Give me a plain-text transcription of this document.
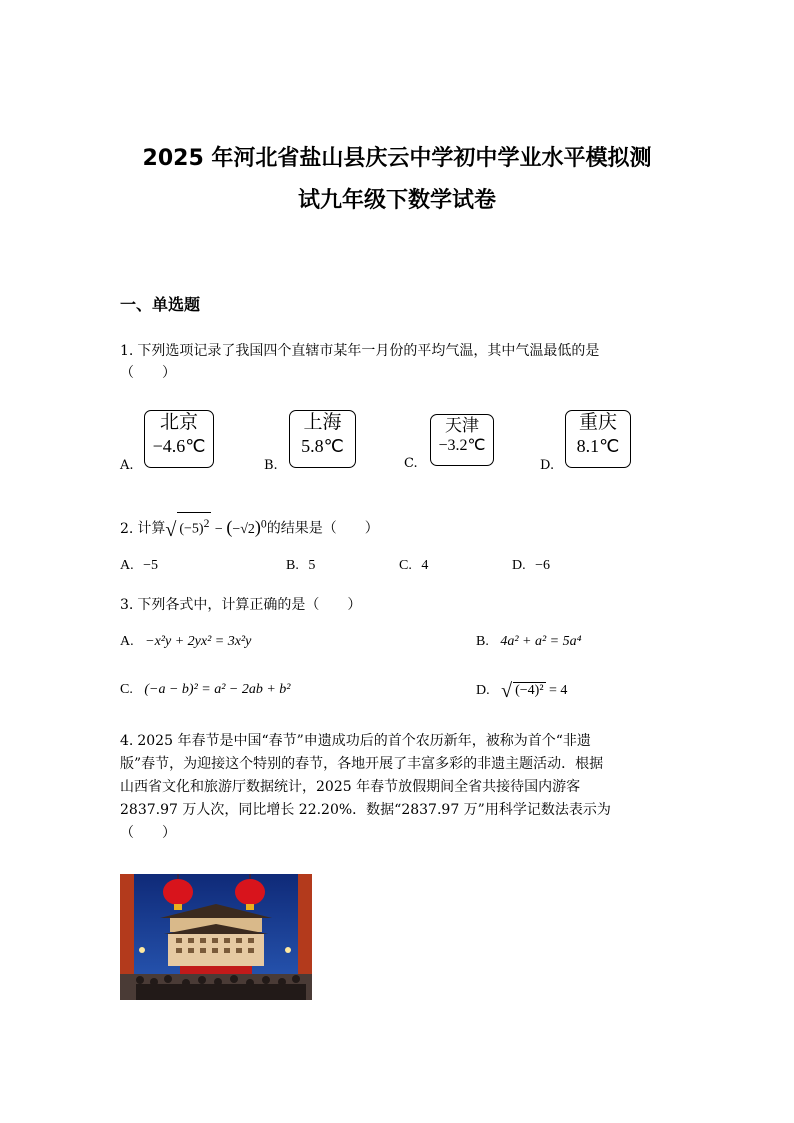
2025 年河北省盐山县庆云中学初中学业水平模拟测
试九年级下数学试卷
一、单选题
1. 下列选项记录了我国四个直辖市某年一月份的平均气温，其中气温最低的是
（　　）
A.
北京
−4.6℃
B.
上海
5.8℃
C.
天津
−3.2℃
D.
重庆
8.1℃
2. 计算√ $(-5)^2 - (-√2)^0$的结果是（　　）
A. −5	B. 5	C. 4	D. −6
3. 下列各式中，计算正确的是（　　）
A. −x²y + 2yx² = 3x²y	B. 4a² + a² = 5a⁴
C. (−a − b)² = a² − 2ab + b²	D. √ (−4)² = 4
4. 2025 年春节是中国“春节”申遗成功后的首个农历新年，被称为首个“非遗
版”春节，为迎接这个特别的春节，各地开展了丰富多彩的非遗主题活动．根据
山西省文化和旅游厅数据统计，2025 年春节放假期间全省共接待国内游客
2837.97 万人次，同比增长 22.20%．数据“2837.97 万”用科学记数法表示为
（　　）
